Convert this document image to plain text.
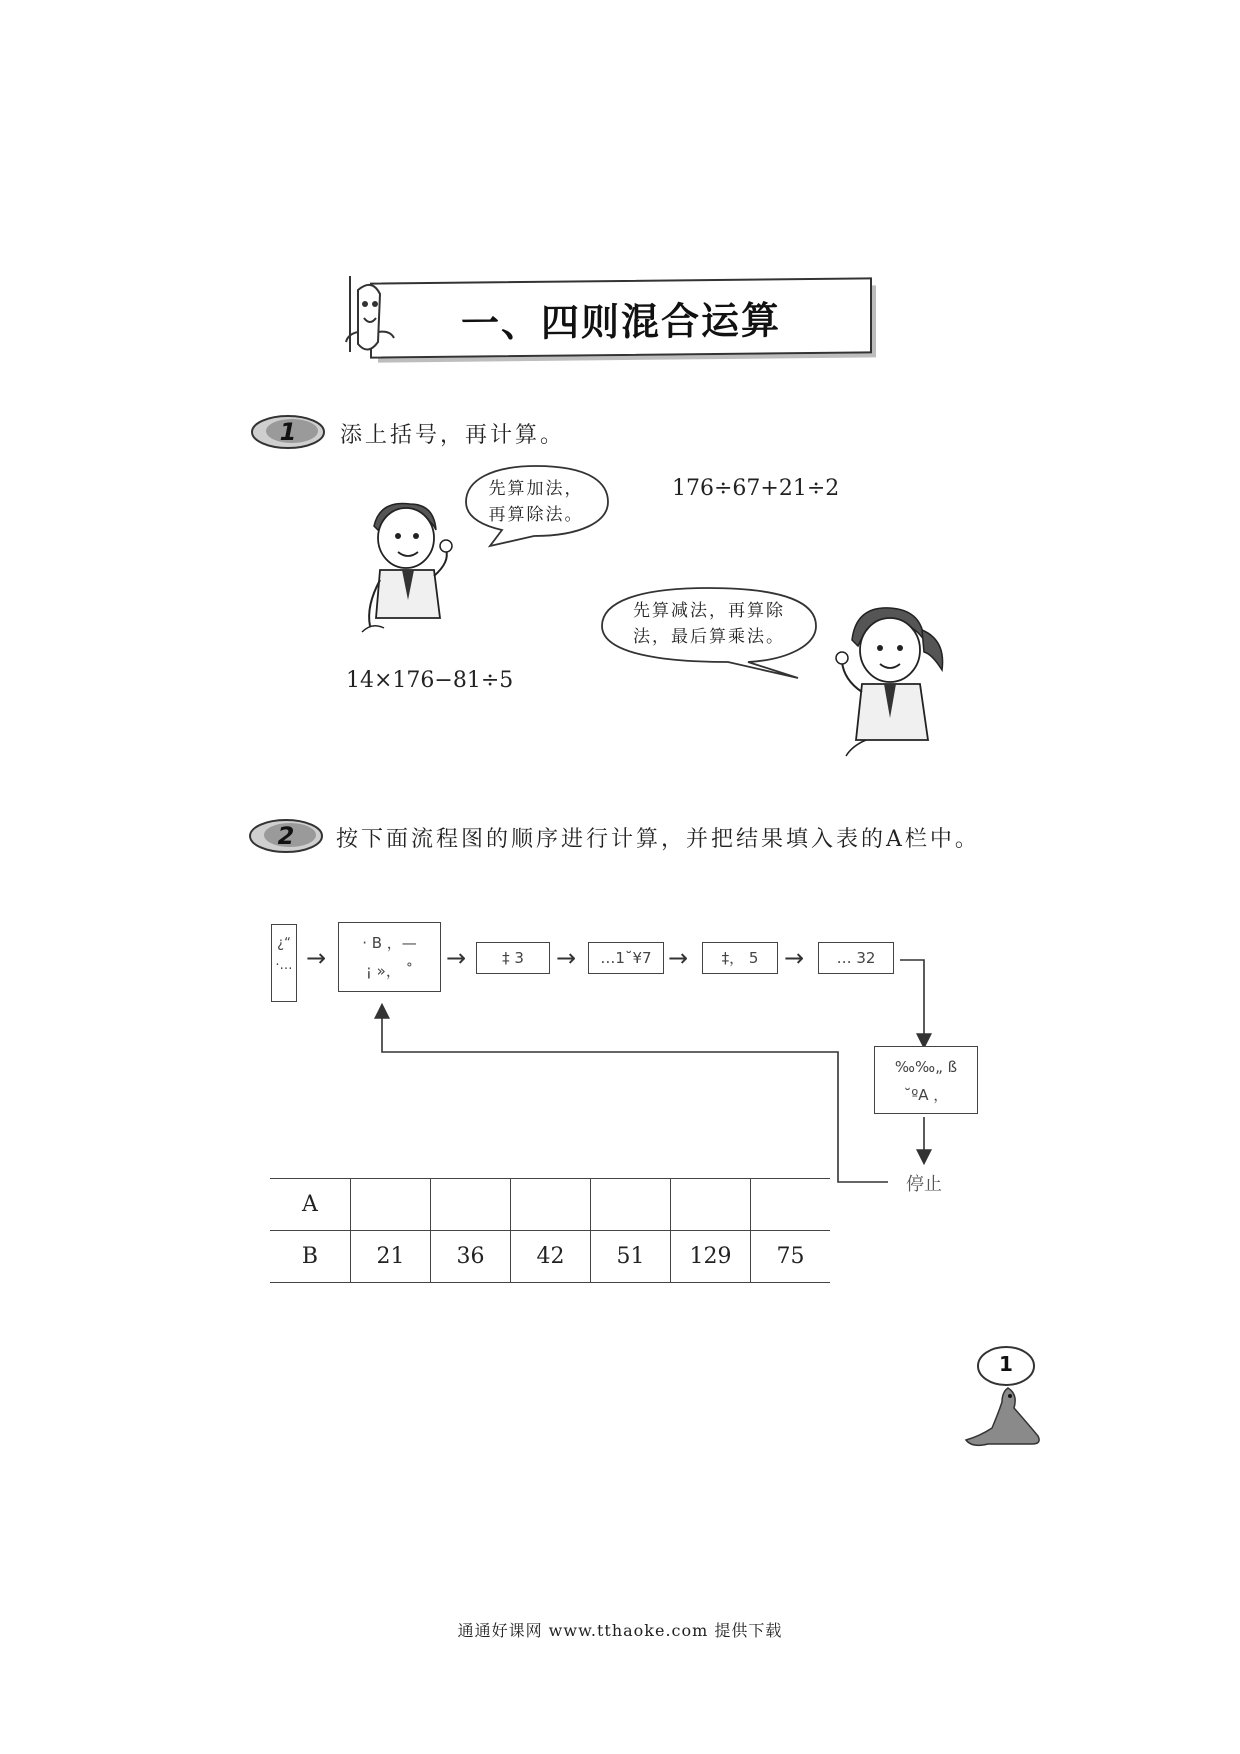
一、四则混合运算
1 添上括号，再计算。
先算加法，
再算除法。
176÷67+21÷2
先算减法，再算除
法，最后算乘法。
14×176−81÷5
2 按下面流程图的顺序进行计算，并把结果填入表的A栏中。
¿“
·… →
· B ，—
¡ »， ˚	→	‡ 3	→	…1˘¥7 →	‡， 5	→	… 32
‰‰„ ß
˘ºA ，
停止
A						
B	21	36	42	51	129	75
1
通通好课网 www.tthaoke.com 提供下载
